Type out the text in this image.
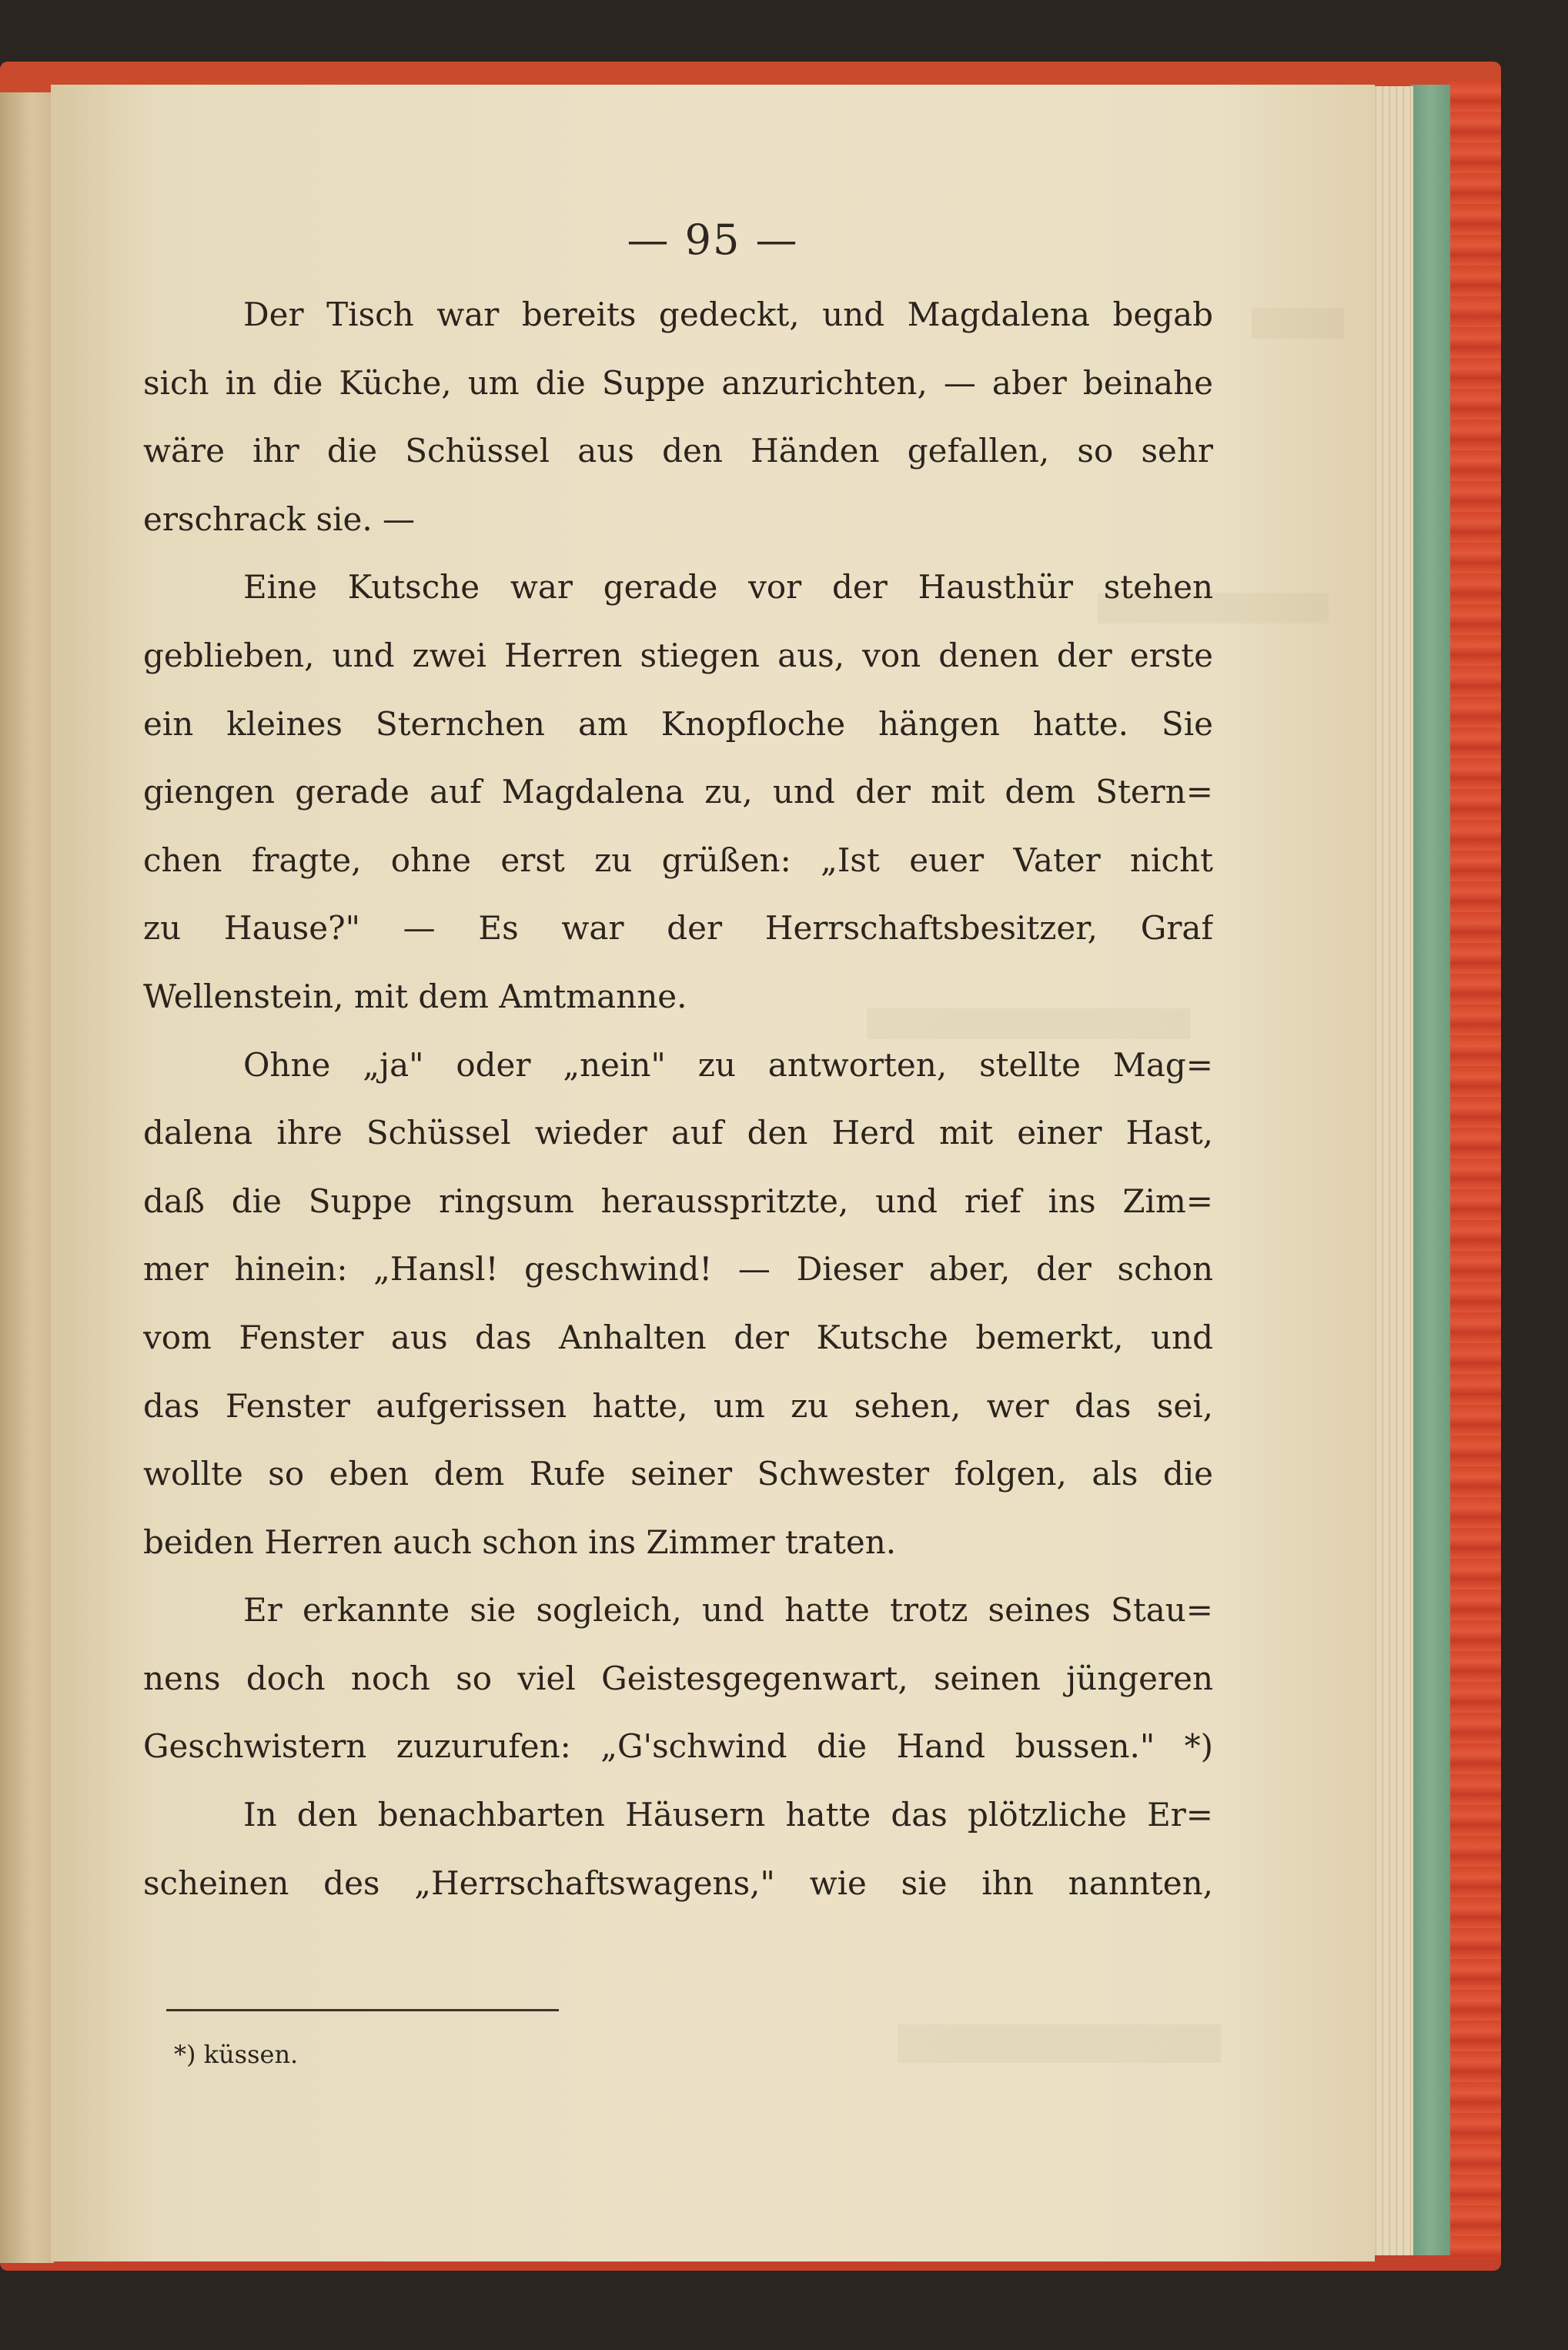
— 95 —
Der Tisch war bereits gedeckt, und Magdalena begab
sich in die Küche, um die Suppe anzurichten, — aber beinahe
wäre ihr die Schüssel aus den Händen gefallen, so sehr
erschrack sie. —
Eine Kutsche war gerade vor der Hausthür stehen
geblieben, und zwei Herren stiegen aus, von denen der erste
ein kleines Sternchen am Knopfloche hängen hatte. Sie
giengen gerade auf Magdalena zu, und der mit dem Stern=
chen fragte, ohne erst zu grüßen: „Ist euer Vater nicht
zu Hause?" — Es war der Herrschaftsbesitzer, Graf
Wellenstein, mit dem Amtmanne.
Ohne „ja" oder „nein" zu antworten, stellte Mag=
dalena ihre Schüssel wieder auf den Herd mit einer Hast,
daß die Suppe ringsum herausspritzte, und rief ins Zim=
mer hinein: „Hansl! geschwind! — Dieser aber, der schon
vom Fenster aus das Anhalten der Kutsche bemerkt, und
das Fenster aufgerissen hatte, um zu sehen, wer das sei,
wollte so eben dem Rufe seiner Schwester folgen, als die
beiden Herren auch schon ins Zimmer traten.
Er erkannte sie sogleich, und hatte trotz seines Stau=
nens doch noch so viel Geistesgegenwart, seinen jüngeren
Geschwistern zuzurufen: „G'schwind die Hand bussen." *)
In den benachbarten Häusern hatte das plötzliche Er=
scheinen des „Herrschaftswagens," wie sie ihn nannten,
*) küssen.
